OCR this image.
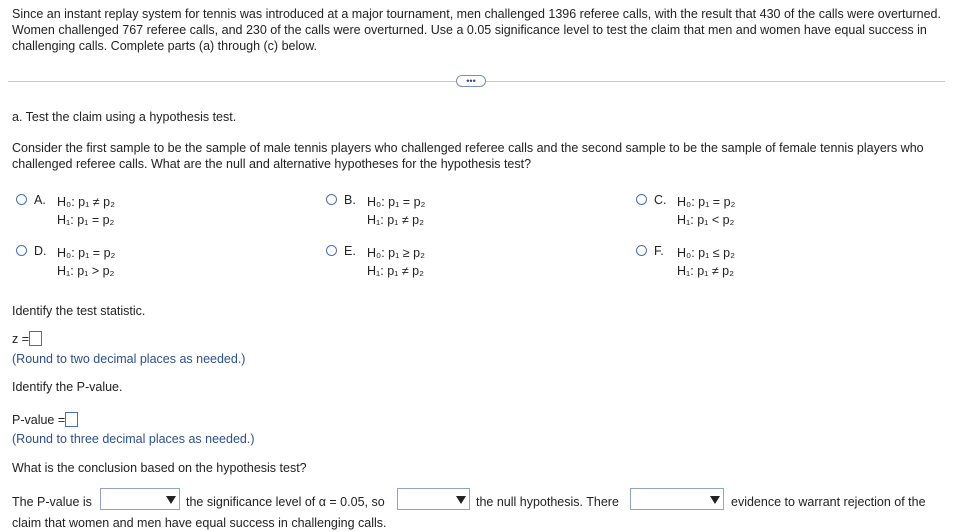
Since an instant replay system for tennis was introduced at a major tournament, men challenged 1396 referee calls, with the result that 430 of the calls were overturned. Women challenged 767 referee calls, and 230 of the calls were overturned. Use a 0.05 significance level to test the claim that men and women have equal success in challenging calls. Complete parts (a) through (c) below.
•••
a. Test the claim using a hypothesis test.
Consider the first sample to be the sample of male tennis players who challenged referee calls and the second sample to be the sample of female tennis players who challenged referee calls. What are the null and alternative hypotheses for the hypothesis test?
A. H₀: p₁ ≠ p₂
H₁: p₁ = p₂
B. H₀: p₁ = p₂
H₁: p₁ ≠ p₂
C. H₀: p₁ = p₂
H₁: p₁ < p₂
D. H₀: p₁ = p₂
H₁: p₁ > p₂
E. H₀: p₁ ≥ p₂
H₁: p₁ ≠ p₂
F. H₀: p₁ ≤ p₂
H₁: p₁ ≠ p₂
Identify the test statistic.
z =
(Round to two decimal places as needed.)
Identify the P-value.
P-value =
(Round to three decimal places as needed.)
What is the conclusion based on the hypothesis test?
The P-value is	the significance level of α = 0.05, so	the null hypothesis. There	evidence to warrant rejection of the
claim that women and men have equal success in challenging calls.
